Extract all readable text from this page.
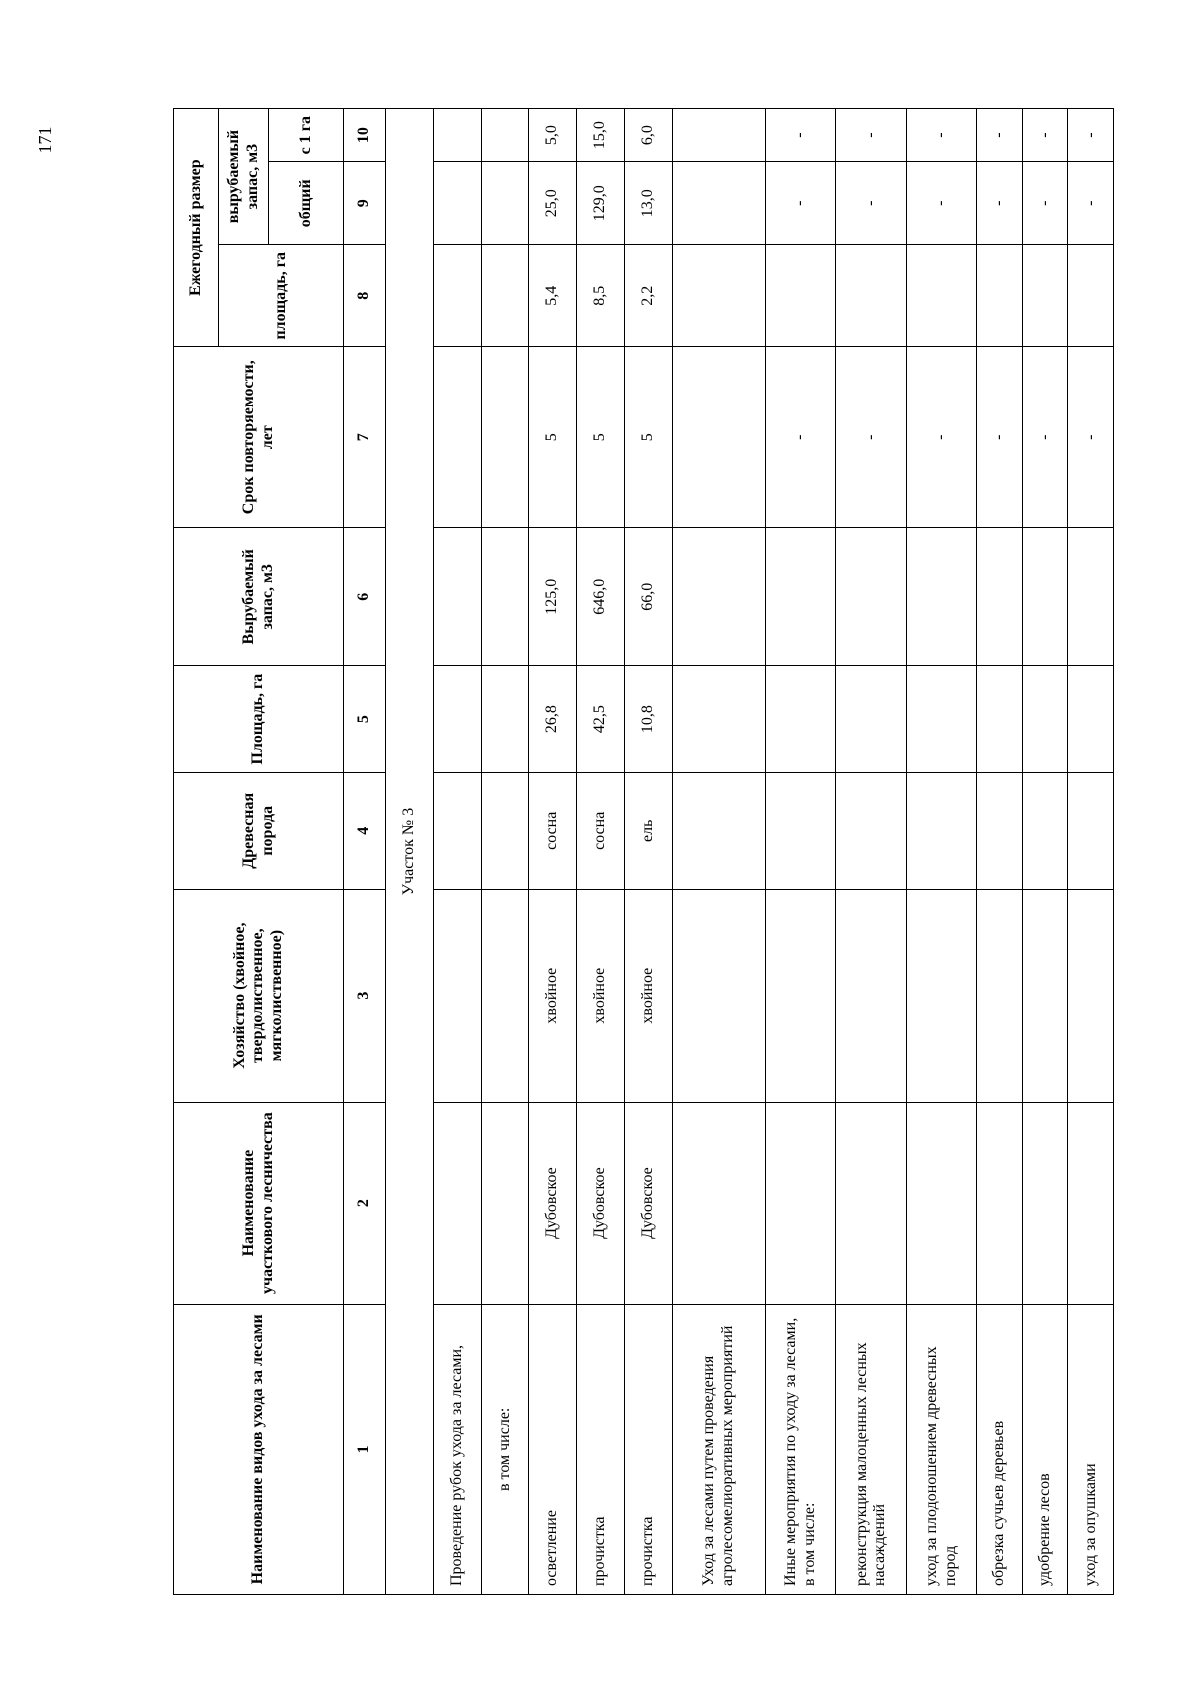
171
Наименование видов ухода за лесами	Наименование участкового лесничества	Хозяйство (хвойное, твердолиственное, мягколиственное)	Древесная порода	Площадь, га	Вырубаемый запас, м3	Срок повторяемости, лет	Ежегодный размер		
							площадь, га	вырубаемый запас, м3	
								общий	с 1 га
1	2	3	4	5	6	7	8	9	10
Участок № 3									
Проведение рубок ухода за лесами,									
в том числе:									
осветление	Дубовское	хвойное	сосна	26,8	125,0	5	5,4	25,0	5,0
прочистка	Дубовское	хвойное	сосна	42,5	646,0	5	8,5	129,0	15,0
прочистка	Дубовское	хвойное	ель	10,8	66,0	5	2,2	13,0	6,0
Уход за лесами путем проведения агролесомелиоративных мероприятий									
Иные мероприятия по уходу за лесами, в том числе:						-		-	-
реконструкция малоценных лесных насаждений						-		-	-
уход за плодоношением древесных пород						-		-	-
обрезка сучьев деревьев						-		-	-
удобрение лесов						-		-	-
уход за опушками						-		-	-
